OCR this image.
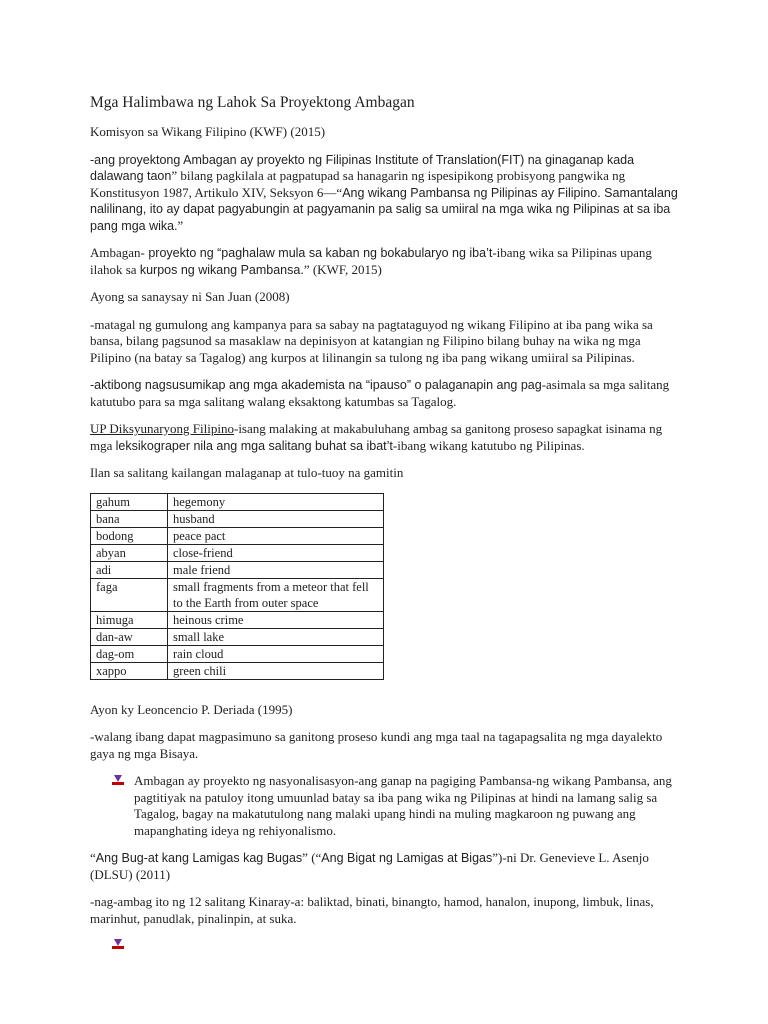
Mga Halimbawa ng Lahok Sa Proyektong Ambagan

Komisyon sa Wikang Filipino (KWF) (2015)

-ang proyektong Ambagan ay proyekto ng Filipinas Institute of Translation(FIT) na ginaganap kada dalawang taon” bilang pagkilala at pagpatupad sa hanagarin ng ispesipikong probisyong pangwika ng Konstitusyon 1987, Artikulo XIV, Seksyon 6—“Ang wikang Pambansa ng Pilipinas ay Filipino. Samantalang nalilinang, ito ay dapat pagyabungin at pagyamanin pa salig sa umiiral na mga wika ng Pilipinas at sa iba pang mga wika.”

Ambagan- proyekto ng “paghalaw mula sa kaban ng bokabularyo ng iba’t-ibang wika sa Pilipinas upang ilahok sa kurpos ng wikang Pambansa.” (KWF, 2015)

Ayong sa sanaysay ni San Juan (2008)

-matagal ng gumulong ang kampanya para sa sabay na pagtataguyod ng wikang Filipino at iba pang wika sa bansa, bilang pagsunod sa masaklaw na depinisyon at katangian ng Filipino bilang buhay na wika ng mga Pilipino (na batay sa Tagalog) ang kurpos at lilinangin sa tulong ng iba pang wikang umiiral sa Pilipinas.

-aktibong nagsusumikap ang mga akademista na “ipauso” o palaganapin ang pag-asimala sa mga salitang katutubo para sa mga salitang walang eksaktong katumbas sa Tagalog.

UP Diksyunaryong Filipino-isang malaking at makabuluhang ambag sa ganitong proseso sapagkat isinama ng mga leksikograper nila ang mga salitang buhat sa ibat’t-ibang wikang katutubo ng Pilipinas.

Ilan sa salitang kailangan malaganap at tulo-tuoy na gamitin

gahum	hegemony
bana	husband
bodong	peace pact
abyan	close-friend
adi	male friend
faga	small fragments from a meteor that fell to the Earth from outer space
himuga	heinous crime
dan-aw	small lake
dag-om	rain cloud
xappo	green chili

Ayon ky Leoncencio P. Deriada (1995)

-walang ibang dapat magpasimuno sa ganitong proseso kundi ang mga taal na tagapagsalita ng mga dayalekto gaya ng mga Bisaya.

Ambagan ay proyekto ng nasyonalisasyon-ang ganap na pagiging Pambansa-ng wikang Pambansa, ang pagtitiyak na patuloy itong umuunlad batay sa iba pang wika ng Pilipinas at hindi na lamang salig sa Tagalog, bagay na makatutulong nang malaki upang hindi na muling magkaroon ng puwang ang mapanghating ideya ng rehiyonalismo.

“Ang Bug-at kang Lamigas kag Bugas” (“Ang Bigat ng Lamigas at Bigas”)-ni Dr. Genevieve L. Asenjo (DLSU) (2011)

-nag-ambag ito ng 12 salitang Kinaray-a: baliktad, binati, binangto, hamod, hanalon, inupong, limbuk, linas, marinhut, panudlak, pinalinpin, at suka.
